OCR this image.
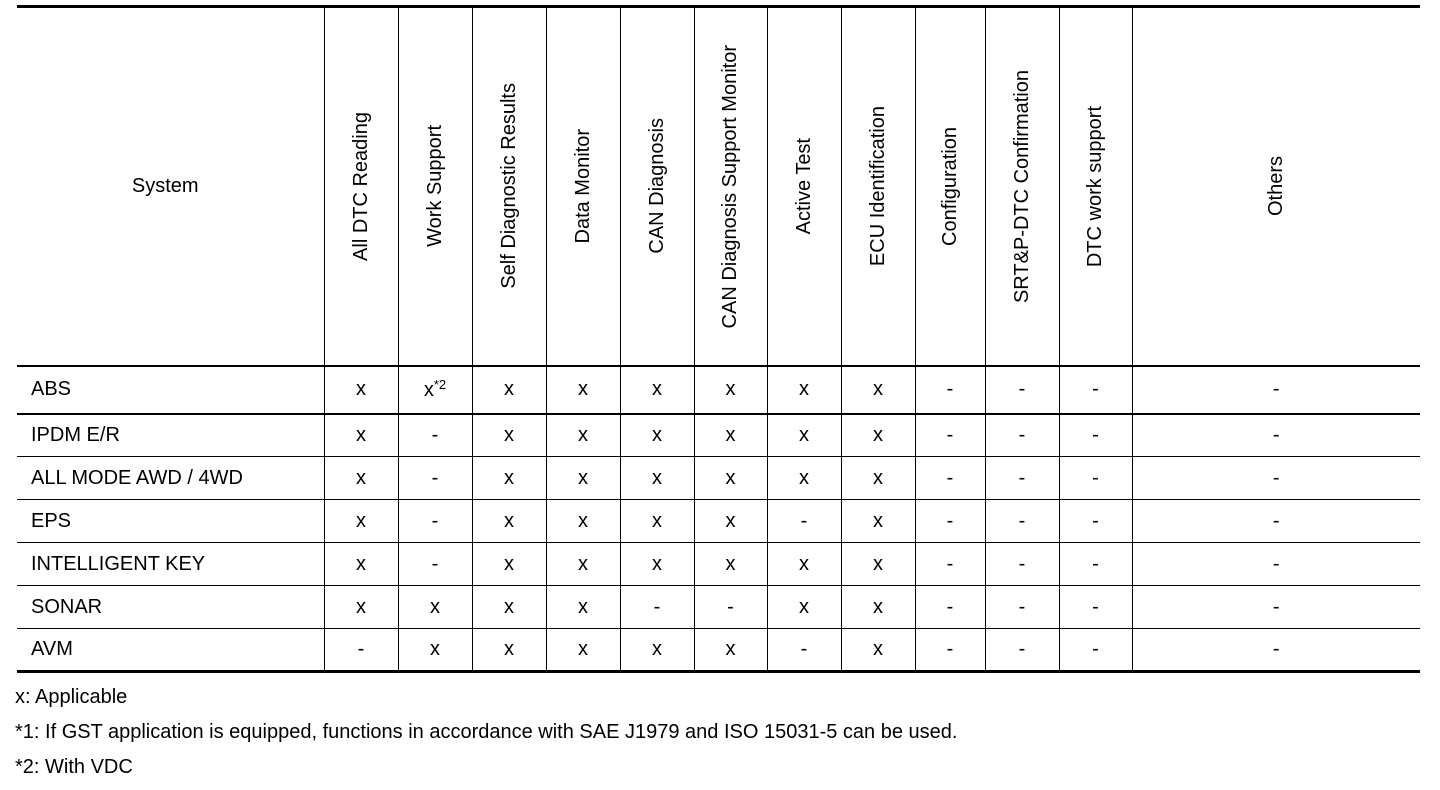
System	All DTC Reading	Work Support	Self Diagnostic Results	Data Monitor	CAN Diagnosis	CAN Diagnosis Support Monitor	Active Test	ECU Identification	Configuration	SRT&P-DTC Confirmation	DTC work support	Others

ABS	x	$x^{*2}$	x	x	x	x	x	x	-	-	-	-
IPDM E/R	x	-	x	x	x	x	x	x	-	-	-	-
ALL MODE AWD / 4WD	x	-	x	x	x	x	x	x	-	-	-	-
EPS	x	-	x	x	x	x	-	x	-	-	-	-
INTELLIGENT KEY	x	-	x	x	x	x	x	x	-	-	-	-
SONAR	x	x	x	x	-	-	x	x	-	-	-	-
AVM	-	x	x	x	x	x	-	x	-	-	-	-
x: Applicable
*1: If GST application is equipped, functions in accordance with SAE J1979 and ISO 15031-5 can be used.
*2: With VDC
